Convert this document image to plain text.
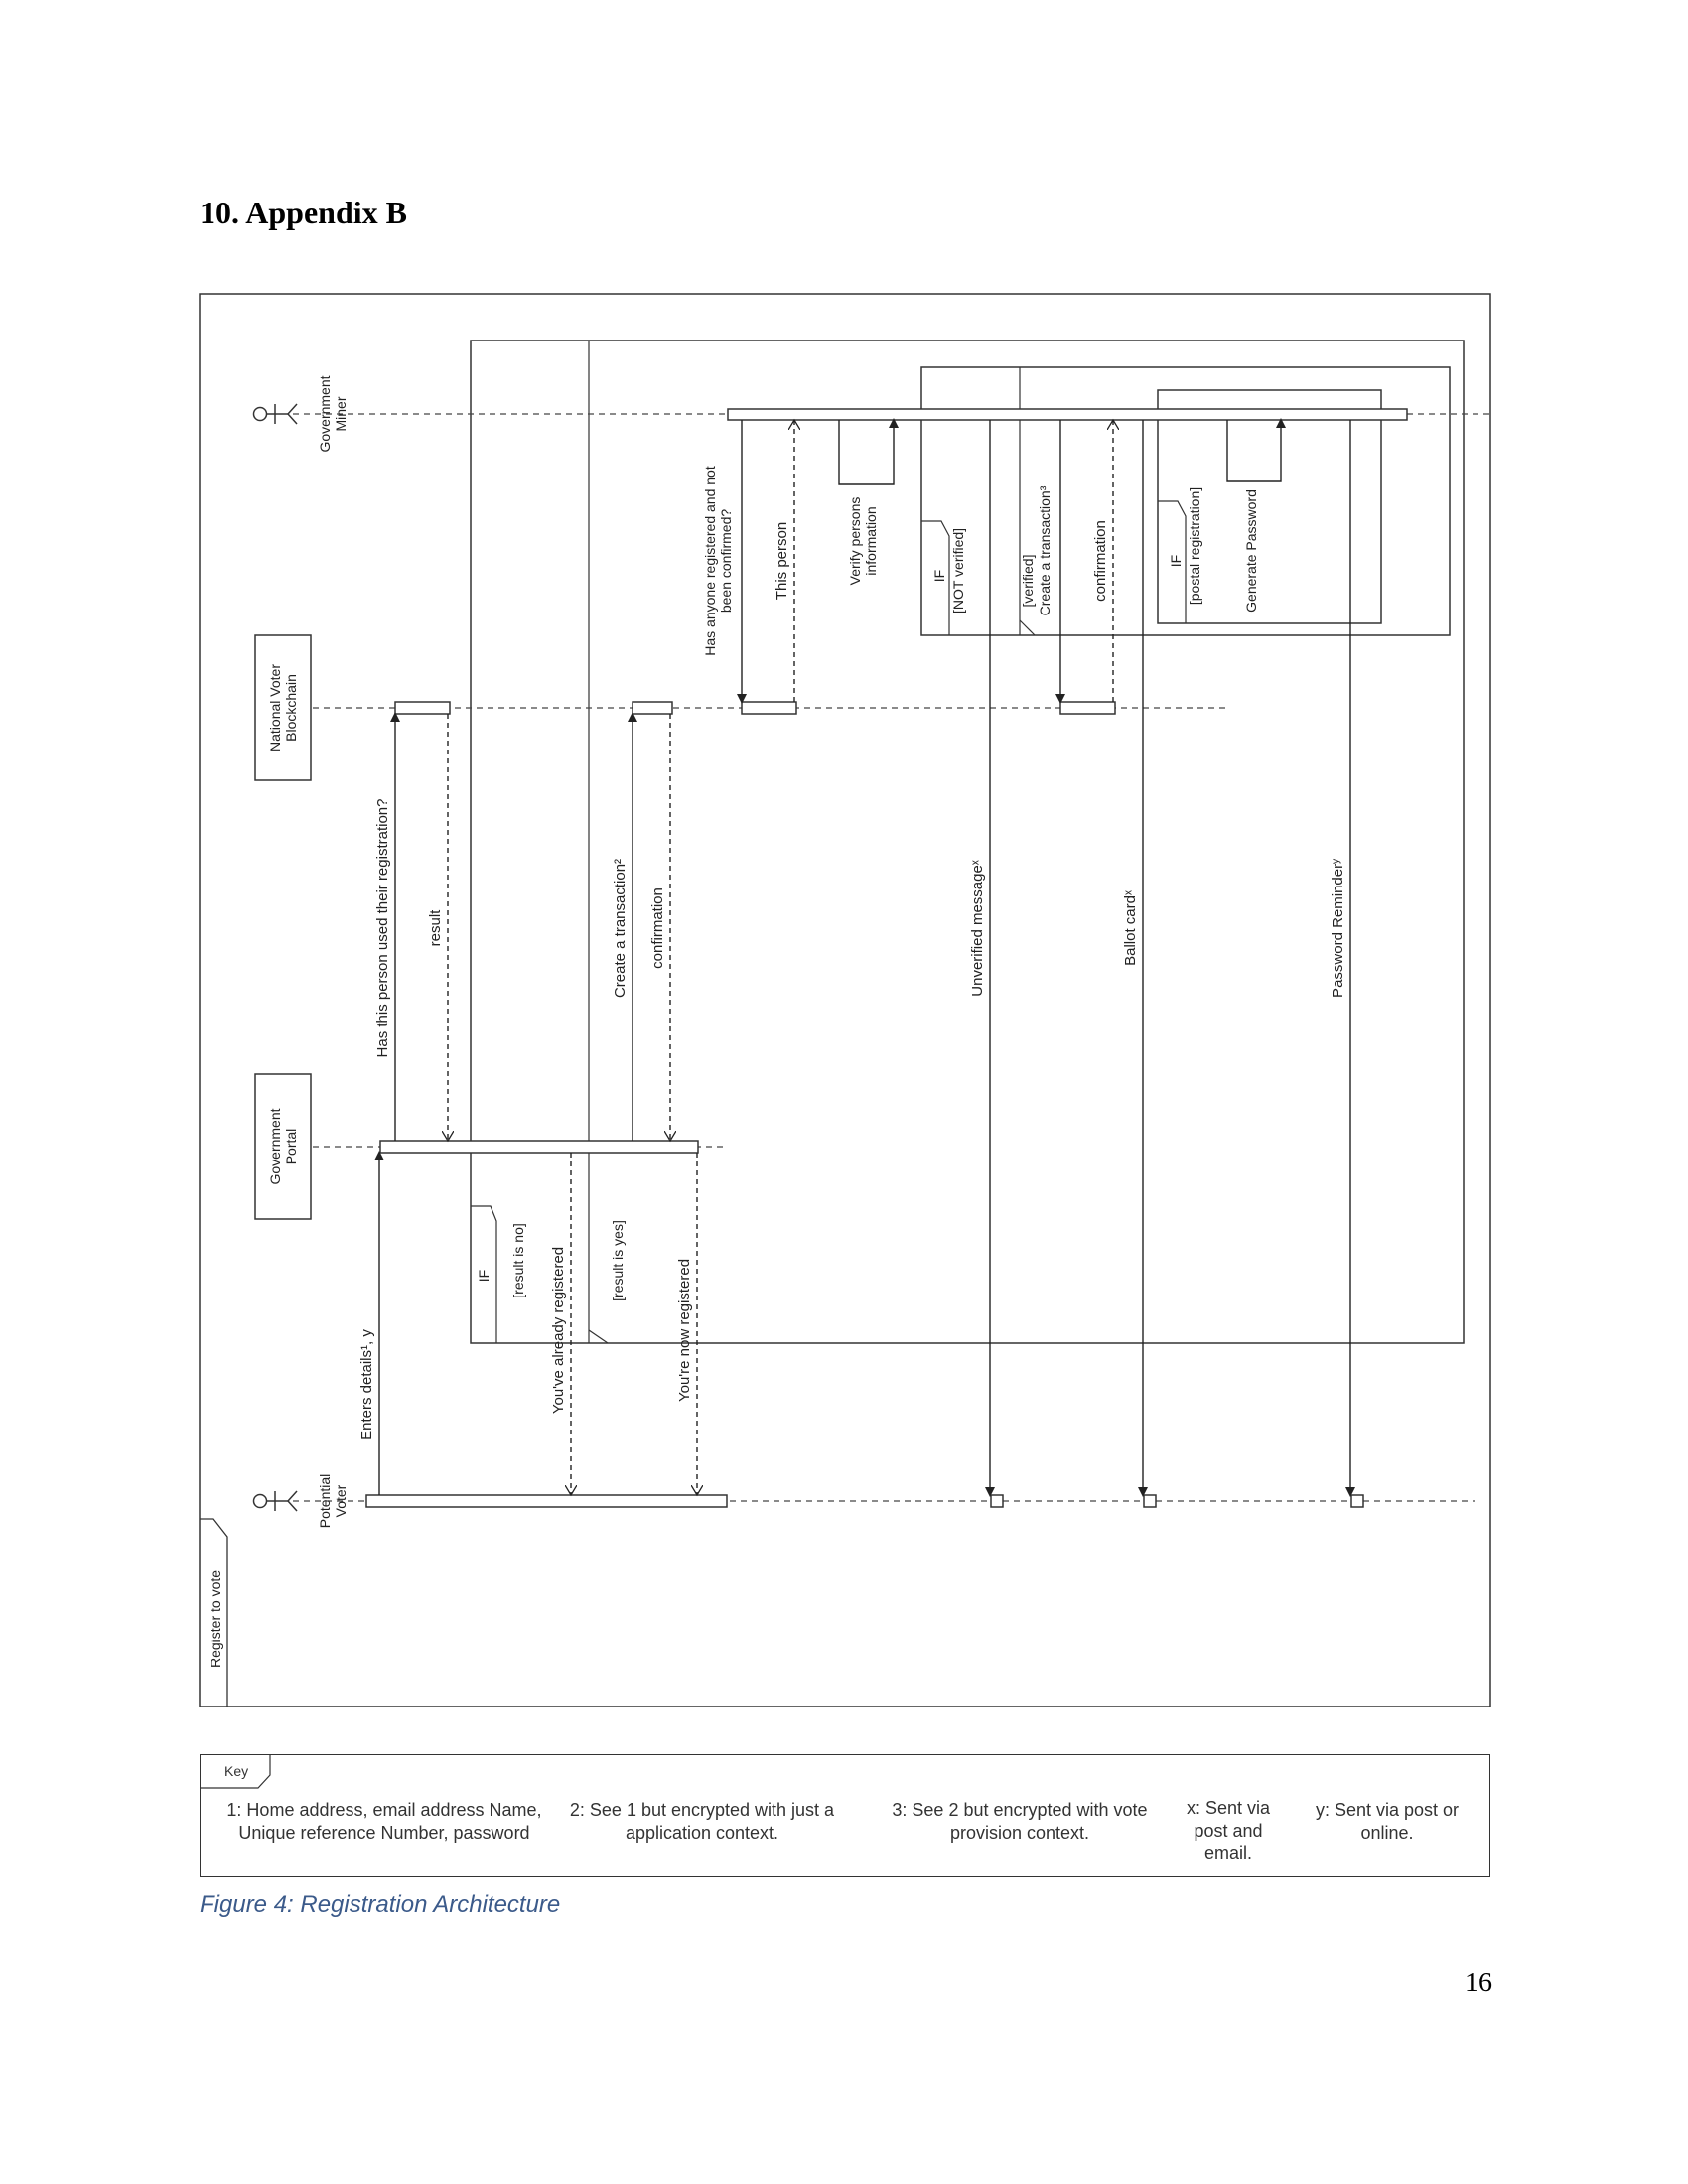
10. Appendix B
Register to vote
GovernmentMiner
National VoterBlockchain
GovernmentPortal
PotentialVoter
Enters details¹, y
Has this person used their registration? result	Create a transaction² confirmation
You've already registered	You're now registered
IF [result is no]	[result is yes]
Has anyone registered and notbeen confirmed?	This person	Verify personsinformation
IF [NOT verified]	[verified] Create a transaction³	confirmation	IF [postal registration]	Generate Password
Unverified messageˣ	Ballot cardˣ	Password Reminderʸ
Key
1: Home address, email address Name, Unique reference Number, password
2: See 1 but encrypted with just a application context.
3: See 2 but encrypted with vote provision context.
x: Sent via post and email.
y: Sent via post or online.
Figure 4: Registration Architecture
16
